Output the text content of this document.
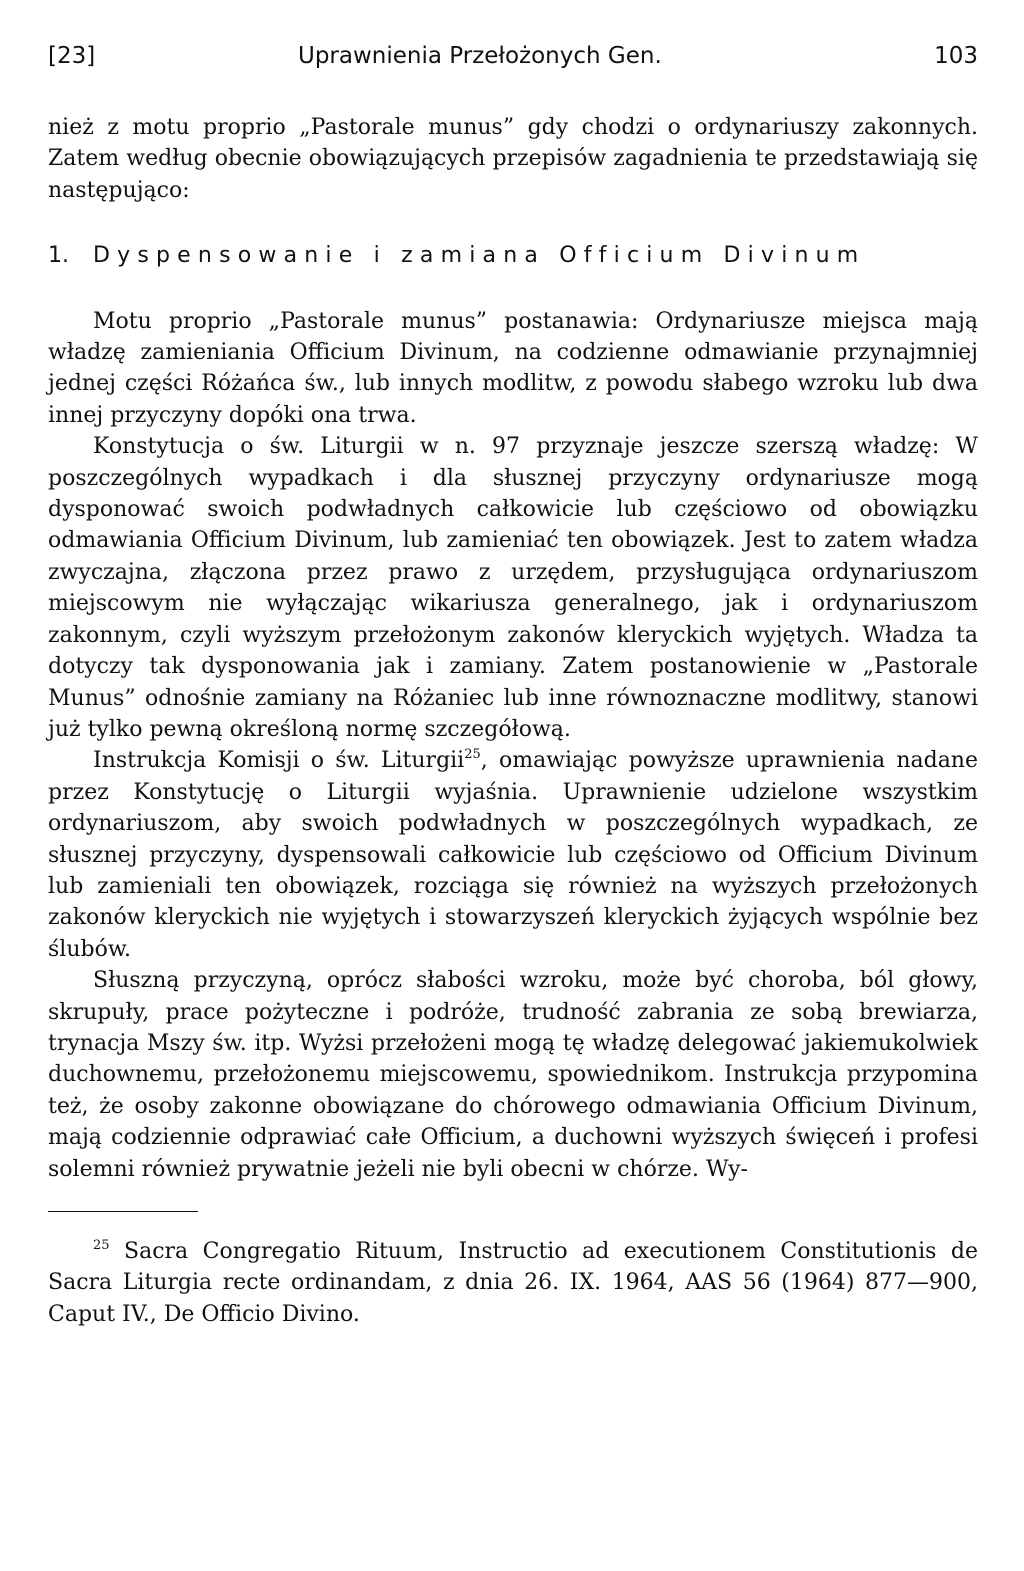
[23]	Uprawnienia Przełożonych Gen.	103

nież z motu proprio „Pastorale munus” gdy chodzi o ordynariuszy zakonnych. Zatem według obecnie obowiązujących przepisów zagadnienia te przedstawiają się następująco:

1. Dyspensowanie i zamiana Officium Divinum

Motu proprio „Pastorale munus” postanawia: Ordynariusze miejsca mają władzę zamieniania Officium Divinum, na codzienne odmawianie przynajmniej jednej części Różańca św., lub innych modlitw, z powodu słabego wzroku lub dwa innej przyczyny dopóki ona trwa.

Konstytucja o św. Liturgii w n. 97 przyznaje jeszcze szerszą władzę: W poszczególnych wypadkach i dla słusznej przyczyny ordynariusze mogą dysponować swoich podwładnych całkowicie lub częściowo od obowiązku odmawiania Officium Divinum, lub zamieniać ten obowiązek. Jest to zatem władza zwyczajna, złączona przez prawo z urzędem, przysługująca ordynariuszom miejscowym nie wyłączając wikariusza generalnego, jak i ordynariuszom zakonnym, czyli wyższym przełożonym zakonów kleryckich wyjętych. Władza ta dotyczy tak dysponowania jak i zamiany. Zatem postanowienie w „Pastorale Munus” odnośnie zamiany na Różaniec lub inne równoznaczne modlitwy, stanowi już tylko pewną określoną normę szczegółową.

Instrukcja Komisji o św. Liturgii$^{25}$, omawiając powyższe uprawnienia nadane przez Konstytucję o Liturgii wyjaśnia. Uprawnienie udzielone wszystkim ordynariuszom, aby swoich podwładnych w poszczególnych wypadkach, ze słusznej przyczyny, dyspensowali całkowicie lub częściowo od Officium Divinum lub zamieniali ten obowiązek, rozciąga się również na wyższych przełożonych zakonów kleryckich nie wyjętych i stowarzyszeń kleryckich żyjących wspólnie bez ślubów.

Słuszną przyczyną, oprócz słabości wzroku, może być choroba, ból głowy, skrupuły, prace pożyteczne i podróże, trudność zabrania ze sobą brewiarza, trynacja Mszy św. itp. Wyżsi przełożeni mogą tę władzę delegować jakiemukolwiek duchownemu, przełożonemu miejscowemu, spowiednikom. Instrukcja przypomina też, że osoby zakonne obowiązane do chórowego odmawiania Officium Divinum, mają codziennie odprawiać całe Officium, a duchowni wyższych święceń i profesi solemni również prywatnie jeżeli nie byli obecni w chórze. Wy-

$^{25}$ Sacra Congregatio Rituum, Instructio ad executionem Constitutionis de Sacra Liturgia recte ordinandam, z dnia 26. IX. 1964, AAS 56 (1964) 877—900, Caput IV., De Officio Divino.
